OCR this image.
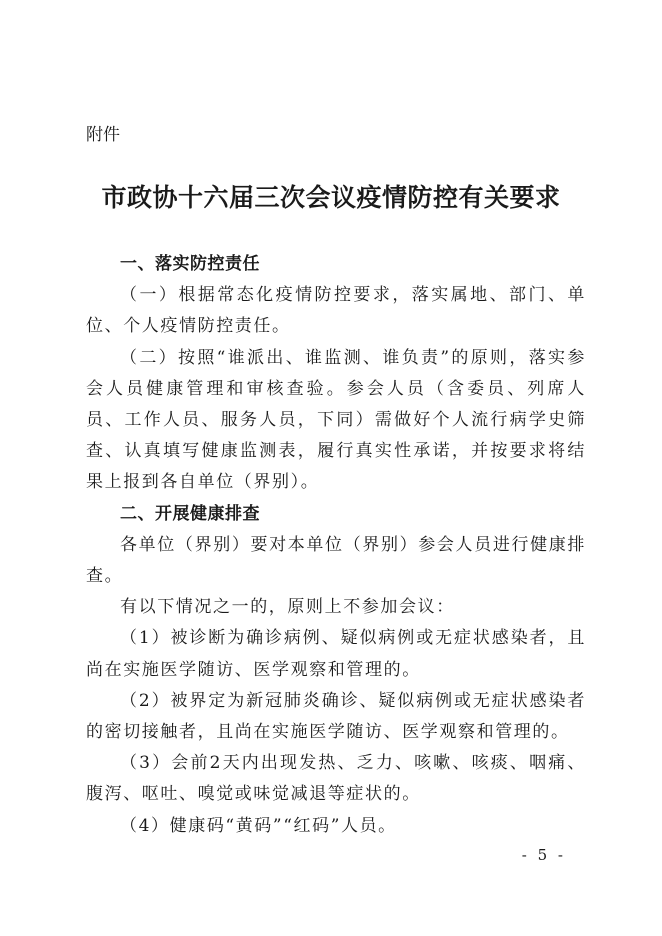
附件
市政协十六届三次会议疫情防控有关要求

一、落实防控责任

（一）根据常态化疫情防控要求，落实属地、部门、单位、个人疫情防控责任。

（二）按照“谁派出、谁监测、谁负责”的原则，落实参会人员健康管理和审核查验。参会人员（含委员、列席人员、工作人员、服务人员，下同）需做好个人流行病学史筛查、认真填写健康监测表，履行真实性承诺，并按要求将结果上报到各自单位（界别）。

二、开展健康排查

各单位（界别）要对本单位（界别）参会人员进行健康排查。

有以下情况之一的，原则上不参加会议：

（1）被诊断为确诊病例、疑似病例或无症状感染者，且尚在实施医学随访、医学观察和管理的。

（2）被界定为新冠肺炎确诊、疑似病例或无症状感染者的密切接触者，且尚在实施医学随访、医学观察和管理的。

（3）会前2天内出现发热、乏力、咳嗽、咳痰、咽痛、腹泻、呕吐、嗅觉或味觉减退等症状的。

（4）健康码“黄码”“红码”人员。

- 5 -
